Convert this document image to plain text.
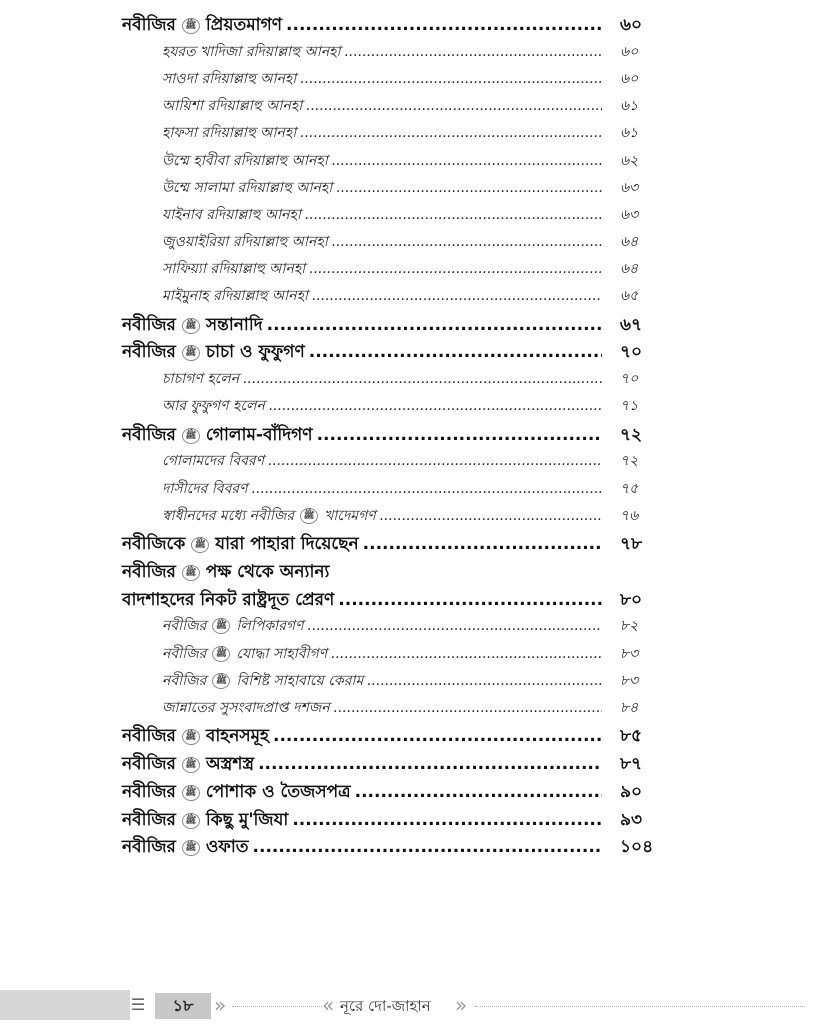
নবীজির	ﷺ প্রিয়তমাগণ .....	৬০
হযরত খাদিজা রদিয়াল্লাহু আনহা .....	৬০
সাওদা রদিয়াল্লাহু আনহা .....	৬০
আয়িশা রদিয়াল্লাহু আনহা .....	৬১
হাফসা রদিয়াল্লাহু আনহা .....	৬১
উম্মে হাবীবা রদিয়াল্লাহু আনহা .....	৬২
উম্মে সালামা রদিয়াল্লাহু আনহা .....	৬৩
যাইনাব রদিয়াল্লাহু আনহা .....	৬৩
জুওয়াইরিয়া রদিয়াল্লাহু আনহা .....	৬৪
সাফিয়্যা রদিয়াল্লাহু আনহা .....	৬৪
মাইমুনাহ রদিয়াল্লাহু আনহা .....	৬৫
নবীজির	ﷺ সন্তানাদি .....	৬৭
নবীজির	ﷺ চাচা ও ফুফুগণ .....	৭০
চাচাগণ হলেন .....	৭০
আর ফুফুগণ হলেন .....	৭১
নবীজির	ﷺ গোলাম-বাঁদিগণ .....	৭২
গোলামদের বিবরণ .....	৭২
দাসীদের বিবরণ .....	৭৫
স্বাধীনদের মধ্যে নবীজির	ﷺ খাদেমগণ .....	৭৬
নবীজিকে	ﷺ যারা পাহারা দিয়েছেন .....	৭৮
নবীজির	ﷺ পক্ষ থেকে অন্যান্য
বাদশাহদের নিকট রাষ্ট্রদূত প্রেরণ .....	৮০
নবীজির	ﷺ লিপিকারগণ .....	৮২
নবীজির	ﷺ যোদ্ধা সাহাবীগণ .....	৮৩
নবীজির	ﷺ বিশিষ্ট সাহাবায়ে কেরাম .....	৮৩
জান্নাতের সুসংবাদপ্রাপ্ত দশজন .....	৮৪
নবীজির	ﷺ বাহনসমূহ .....	৮৫
নবীজির	ﷺ অস্ত্রশস্ত্র .....	৮৭
নবীজির	ﷺ পোশাক ও তৈজসপত্র .....	৯০
নবীজির	ﷺ কিছু মু'জিযা .....	৯৩
নবীজির	ﷺ ওফাত .....	১০৪
☰	১৮	»	« নূরে দো-জাহান »
